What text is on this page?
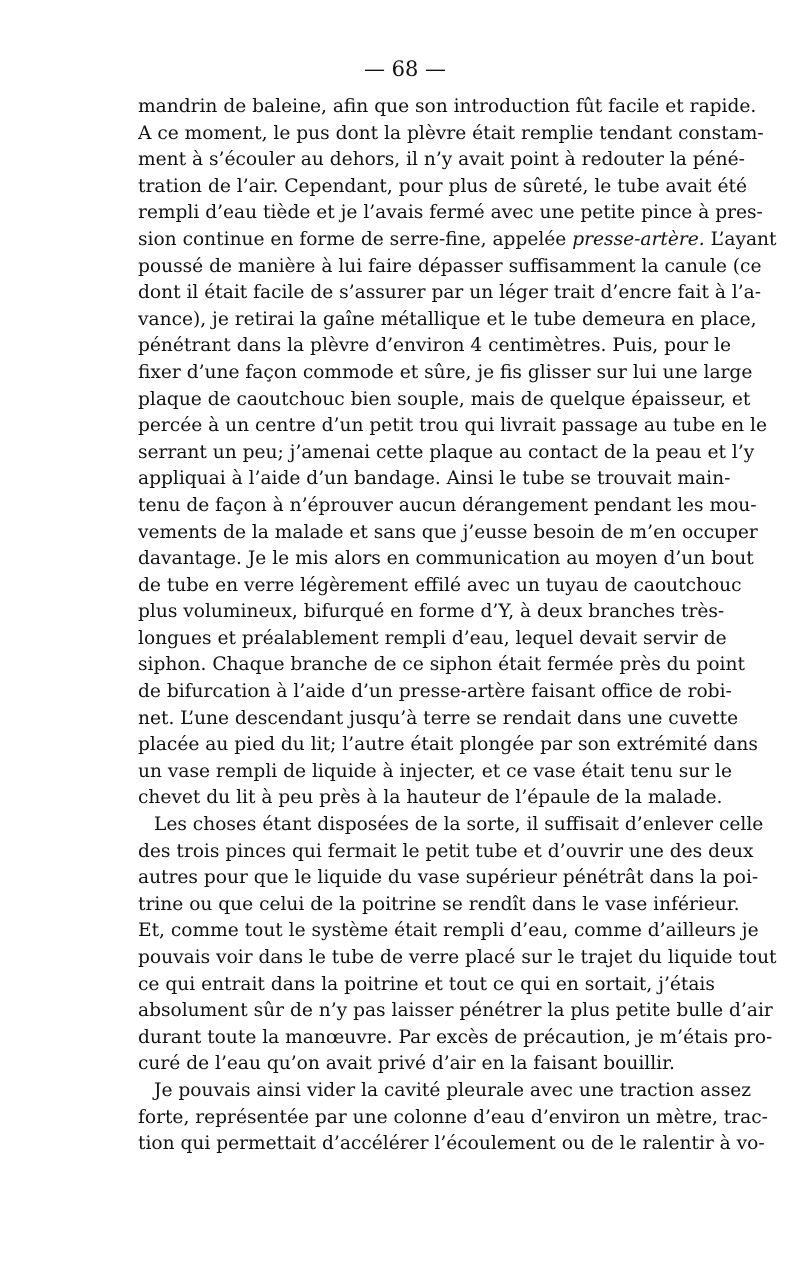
— 68 —
mandrin de baleine, afin que son introduction fût facile et rapide.
A ce moment, le pus dont la plèvre était remplie tendant constam-
ment à s’écouler au dehors, il n’y avait point à redouter la péné-
tration de l’air. Cependant, pour plus de sûreté, le tube avait été
rempli d’eau tiède et je l’avais fermé avec une petite pince à pres-
sion continue en forme de serre-fine, appelée presse-artère. L’ayant
poussé de manière à lui faire dépasser suffisamment la canule (ce
dont il était facile de s’assurer par un léger trait d’encre fait à l’a-
vance), je retirai la gaîne métallique et le tube demeura en place,
pénétrant dans la plèvre d’environ 4 centimètres. Puis, pour le
fixer d’une façon commode et sûre, je fis glisser sur lui une large
plaque de caoutchouc bien souple, mais de quelque épaisseur, et
percée à un centre d’un petit trou qui livrait passage au tube en le
serrant un peu; j’amenai cette plaque au contact de la peau et l’y
appliquai à l’aide d’un bandage. Ainsi le tube se trouvait main-
tenu de façon à n’éprouver aucun dérangement pendant les mou-
vements de la malade et sans que j’eusse besoin de m’en occuper
davantage. Je le mis alors en communication au moyen d’un bout
de tube en verre légèrement effilé avec un tuyau de caoutchouc
plus volumineux, bifurqué en forme d’Y, à deux branches très-
longues et préalablement rempli d’eau, lequel devait servir de
siphon. Chaque branche de ce siphon était fermée près du point
de bifurcation à l’aide d’un presse-artère faisant office de robi-
net. L’une descendant jusqu’à terre se rendait dans une cuvette
placée au pied du lit; l’autre était plongée par son extrémité dans
un vase rempli de liquide à injecter, et ce vase était tenu sur le
chevet du lit à peu près à la hauteur de l’épaule de la malade.
Les choses étant disposées de la sorte, il suffisait d’enlever celle
des trois pinces qui fermait le petit tube et d’ouvrir une des deux
autres pour que le liquide du vase supérieur pénétrât dans la poi-
trine ou que celui de la poitrine se rendît dans le vase inférieur.
Et, comme tout le système était rempli d’eau, comme d’ailleurs je
pouvais voir dans le tube de verre placé sur le trajet du liquide tout
ce qui entrait dans la poitrine et tout ce qui en sortait, j’étais
absolument sûr de n’y pas laisser pénétrer la plus petite bulle d’air
durant toute la manœuvre. Par excès de précaution, je m’étais pro-
curé de l’eau qu’on avait privé d’air en la faisant bouillir.
Je pouvais ainsi vider la cavité pleurale avec une traction assez
forte, représentée par une colonne d’eau d’environ un mètre, trac-
tion qui permettait d’accélérer l’écoulement ou de le ralentir à vo-
